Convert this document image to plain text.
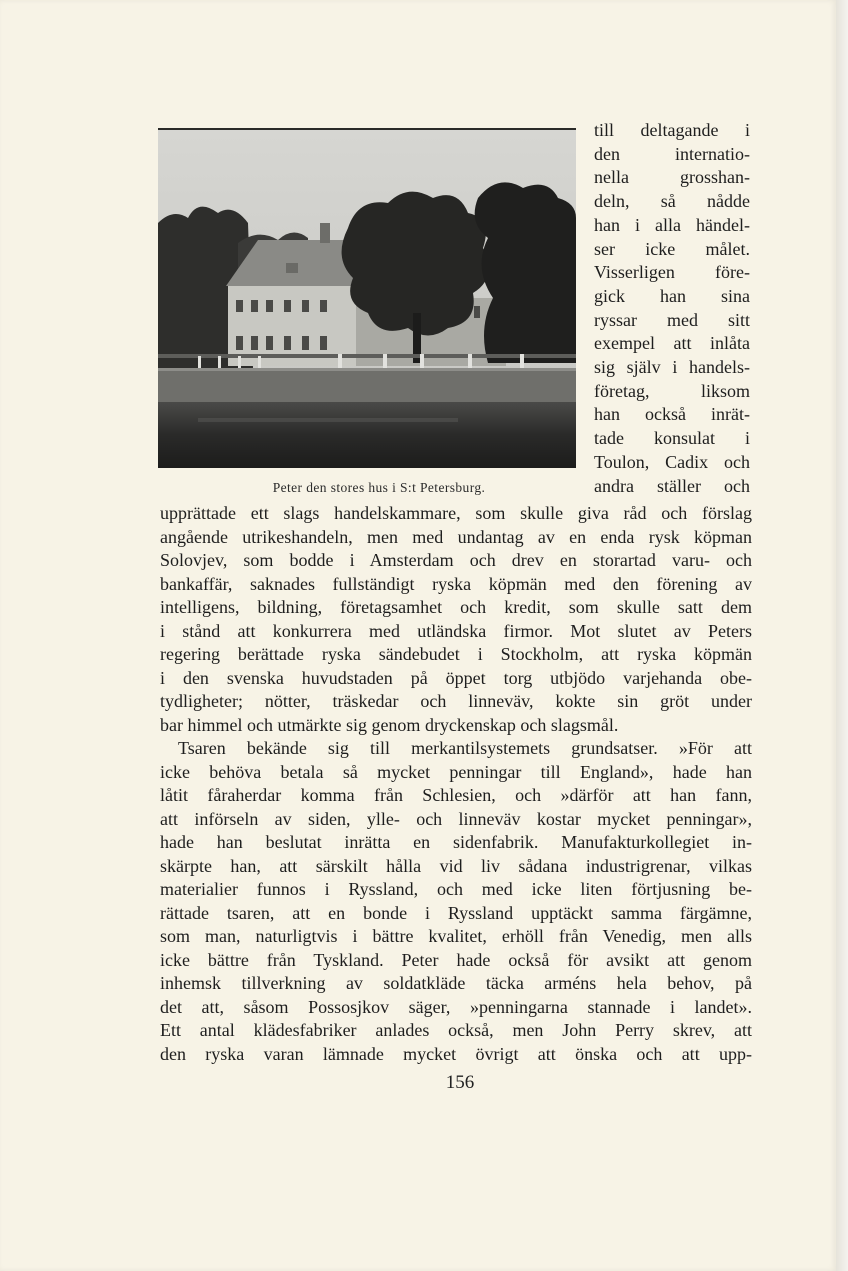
Peter den stores hus i S:t Petersburg.
till deltagande i
den internatio-
nella grosshan-
deln, så nådde
han i alla händel-
ser icke målet.
Visserligen före-
gick han sina
ryssar med sitt
exempel att inlåta
sig själv i handels-
företag, liksom
han också inrät-
tade konsulat i
Toulon, Cadix och
andra ställer och
upprättade ett slags handelskammare, som skulle giva råd och förslag
angående utrikeshandeln, men med undantag av en enda rysk köpman
Solovjev, som bodde i Amsterdam och drev en storartad varu- och
bankaffär, saknades fullständigt ryska köpmän med den förening av
intelligens, bildning, företagsamhet och kredit, som skulle satt dem
i stånd att konkurrera med utländska firmor. Mot slutet av Peters
regering berättade ryska sändebudet i Stockholm, att ryska köpmän
i den svenska huvudstaden på öppet torg utbjödo varjehanda obe-
tydligheter; nötter, träskedar och linneväv, kokte sin gröt under
bar himmel och utmärkte sig genom dryckenskap och slagsmål.
Tsaren bekände sig till merkantilsystemets grundsatser. »För att
icke behöva betala så mycket penningar till England», hade han
låtit fåraherdar komma från Schlesien, och »därför att han fann,
att införseln av siden, ylle- och linneväv kostar mycket penningar»,
hade han beslutat inrätta en sidenfabrik. Manufakturkollegiet in-
skärpte han, att särskilt hålla vid liv sådana industrigrenar, vilkas
materialier funnos i Ryssland, och med icke liten förtjusning be-
rättade tsaren, att en bonde i Ryssland upptäckt samma färgämne,
som man, naturligtvis i bättre kvalitet, erhöll från Venedig, men alls
icke bättre från Tyskland. Peter hade också för avsikt att genom
inhemsk tillverkning av soldatkläde täcka arméns hela behov, på
det att, såsom Possosjkov säger, »penningarna stannade i landet».
Ett antal klädesfabriker anlades också, men John Perry skrev, att
den ryska varan lämnade mycket övrigt att önska och att upp-
156
